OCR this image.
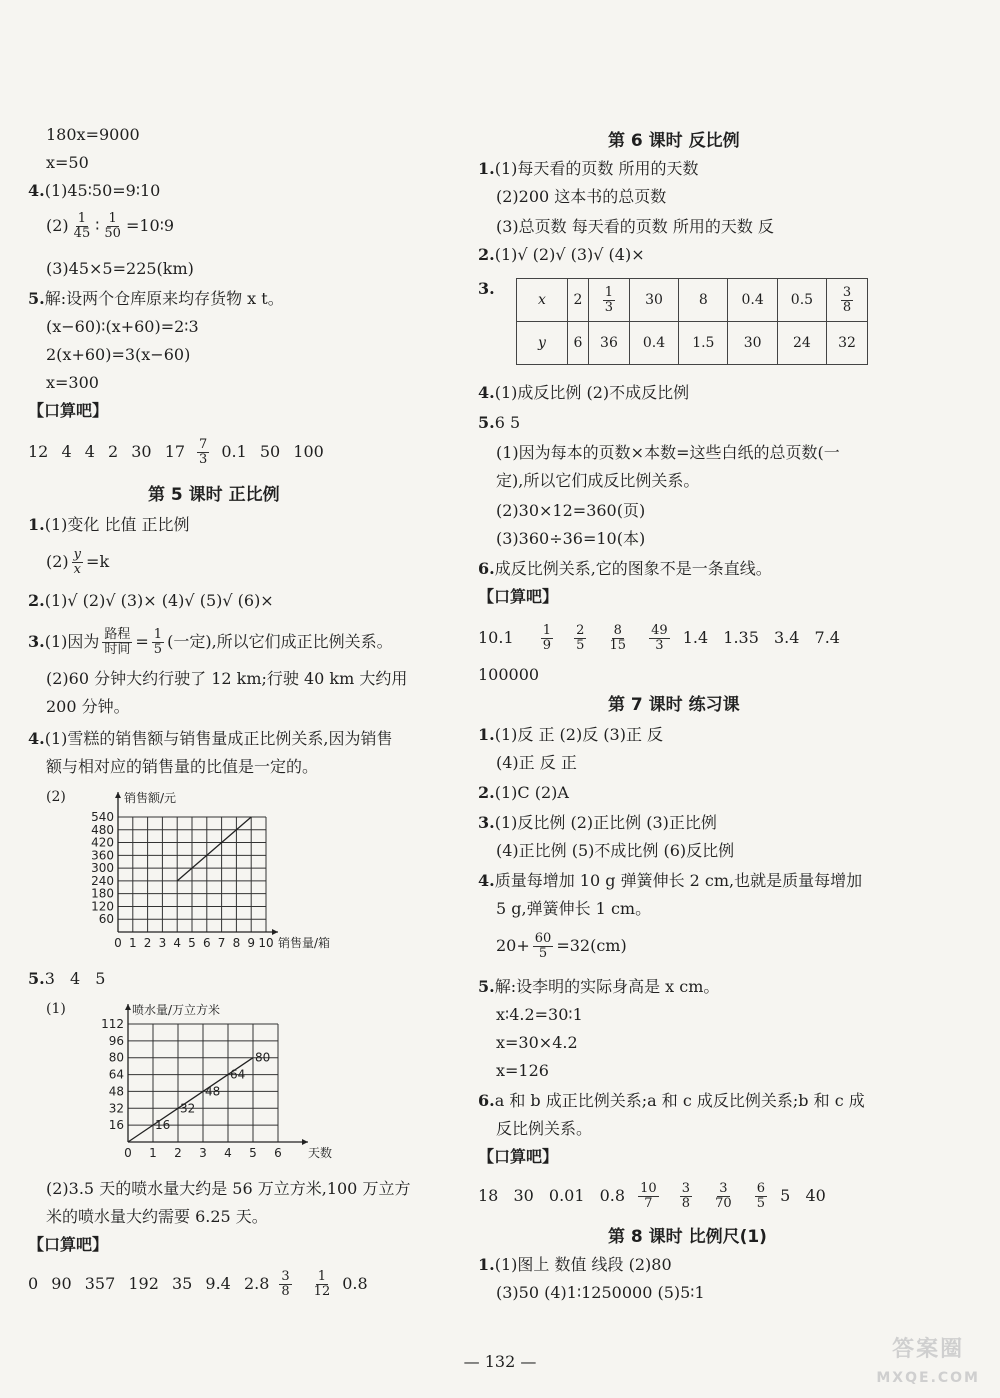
180x=9000
x=50
4.(1)45∶50=9∶10
$(2) \frac{1}{45}$ ∶ $\frac{1}{50}$ =10∶9
(3)45×5=225(km)
5.解:设两个仓库原来均存货物 x t。
(x−60)∶(x+60)=2∶3
2(x+60)=3(x−60)
x=300
【口算吧】
12 4 4 2 30 $17 \frac{7}{3} 0.1$ 50 100
第 5 课时 正比例
1.(1)变化 比值 正比例
$(2) \frac{y}{x} =k$
2.(1)√ (2)√ (3)× (4)√ (5)√ (6)×
3.(1)因为 $\frac{\text{路程}}{\text{时间}} = \frac{1}{5}$ (一定),所以它们成正比例关系。
(2)60 分钟大约行驶了 12 km;行驶 40 km 大约用
200 分钟。
4.(1)雪糕的销售额与销售量成正比例关系,因为销售
额与相对应的销售量的比值是一定的。
(2)
0 1 2 3 4 5 6 7 8 9 10
60
120
180
240
300
360
420
480
540
销售额/元
销售量/箱
5.3 4 5
(1)
0 1 2 3 4 5 6
16
32
48
64
80
96
112
喷水量/万立方米
天数
16
32
48
64
80
(2)3.5 天的喷水量大约是 56 万立方米,100 万立方
米的喷水量大约需要 6.25 天。
【口算吧】
0 90 357 192 35 9.4 $2.8 \frac{3}{8} \frac{1}{12} 0.8$
第 6 课时 反比例
1.(1)每天看的页数 所用的天数
(2)200 这本书的总页数
(3)总页数 每天看的页数 所用的天数 反
2.(1)√ (2)√ (3)√ (4)×
3.
x	2	$\frac{1}{3}$	30	8	0.4	0.5	$\frac{3}{8}$

y	6	36	0.4	1.5	30	24	32
4.(1)成反比例 (2)不成反比例
5.6 5
(1)因为每本的页数×本数=这些白纸的总页数(一
定),所以它们成反比例关系。
(2)30×12=360(页)
(3)360÷36=10(本)
6.成反比例关系,它的图象不是一条直线。
【口算吧】
$10.1 \frac{1}{9}$
$\frac{2}{5}$
$\frac{8}{15}$
$\frac{49}{3} 1.4$ 1.35 3.4 7.4
100000
第 7 课时 练习课
1.(1)反 正 (2)反 (3)正 反
(4)正 反 正
2.(1)C (2)A
3.(1)反比例 (2)正比例 (3)正比例
(4)正比例 (5)不成比例 (6)反比例
4.质量每增加 10 g 弹簧伸长 2 cm,也就是质量每增加
5 g,弹簧伸长 1 cm。
$20+ \frac{60}{5} =32(cm)$
5.解:设李明的实际身高是 x cm。
x∶4.2=30∶1
x=30×4.2
x=126
6.a 和 b 成正比例关系;a 和 c 成反比例关系;b 和 c 成
反比例关系。
【口算吧】
18 30 0.01 $0.8 \frac{10}{7}$
$\frac{3}{8}$
$\frac{3}{70}$
$\frac{6}{5} 5$ 40
第 8 课时 比例尺(1)
1.(1)图上 数值 线段 (2)80
(3)50 (4)1∶1250000 (5)5∶1
— 132 —	答案圈
MXQE.COM
